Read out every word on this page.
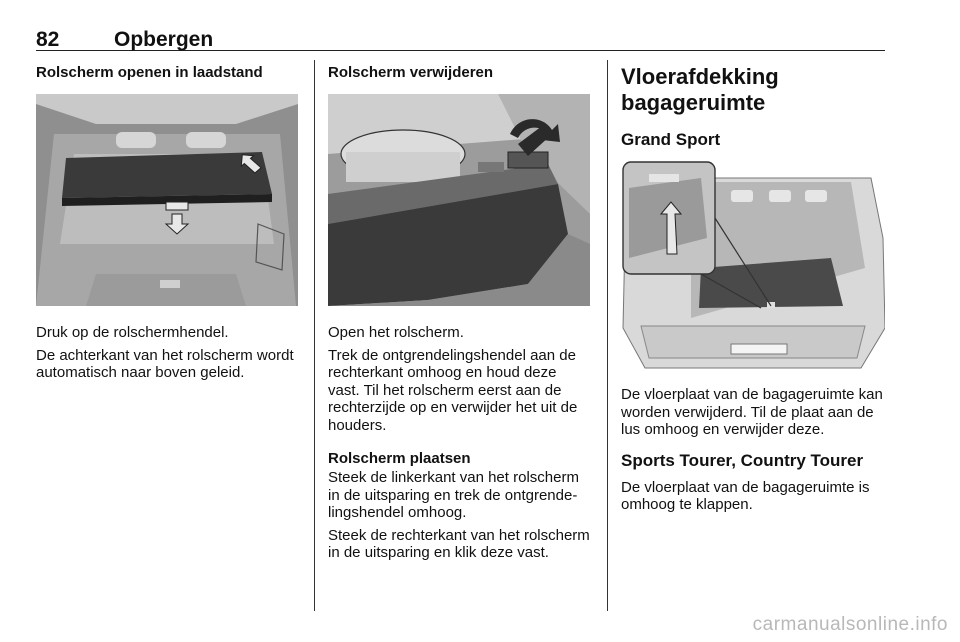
82	Opbergen
Rolscherm openen in laadstand

Druk op de rolschermhendel.

De achterkant van het rolscherm wordt automatisch naar boven geleid.

Rolscherm verwijderen

Open het rolscherm.

Trek de ontgrendelingshendel aan de rechterkant omhoog en houd deze vast. Til het rolscherm eerst aan de rechterzijde op en verwijder het uit de houders.

Rolscherm plaatsen

Steek de linkerkant van het rolscherm in de uitsparing en trek de ontgrende-lingshendel omhoog.

Steek de rechterkant van het rolscherm in de uitsparing en klik deze vast.

Vloerafdekking bagageruimte
Grand Sport

De vloerplaat van de bagageruimte kan worden verwijderd. Til de plaat aan de lus omhoog en verwijder deze.

Sports Tourer, Country Tourer

De vloerplaat van de bagageruimte is omhoog te klappen.

carmanualsonline.info
